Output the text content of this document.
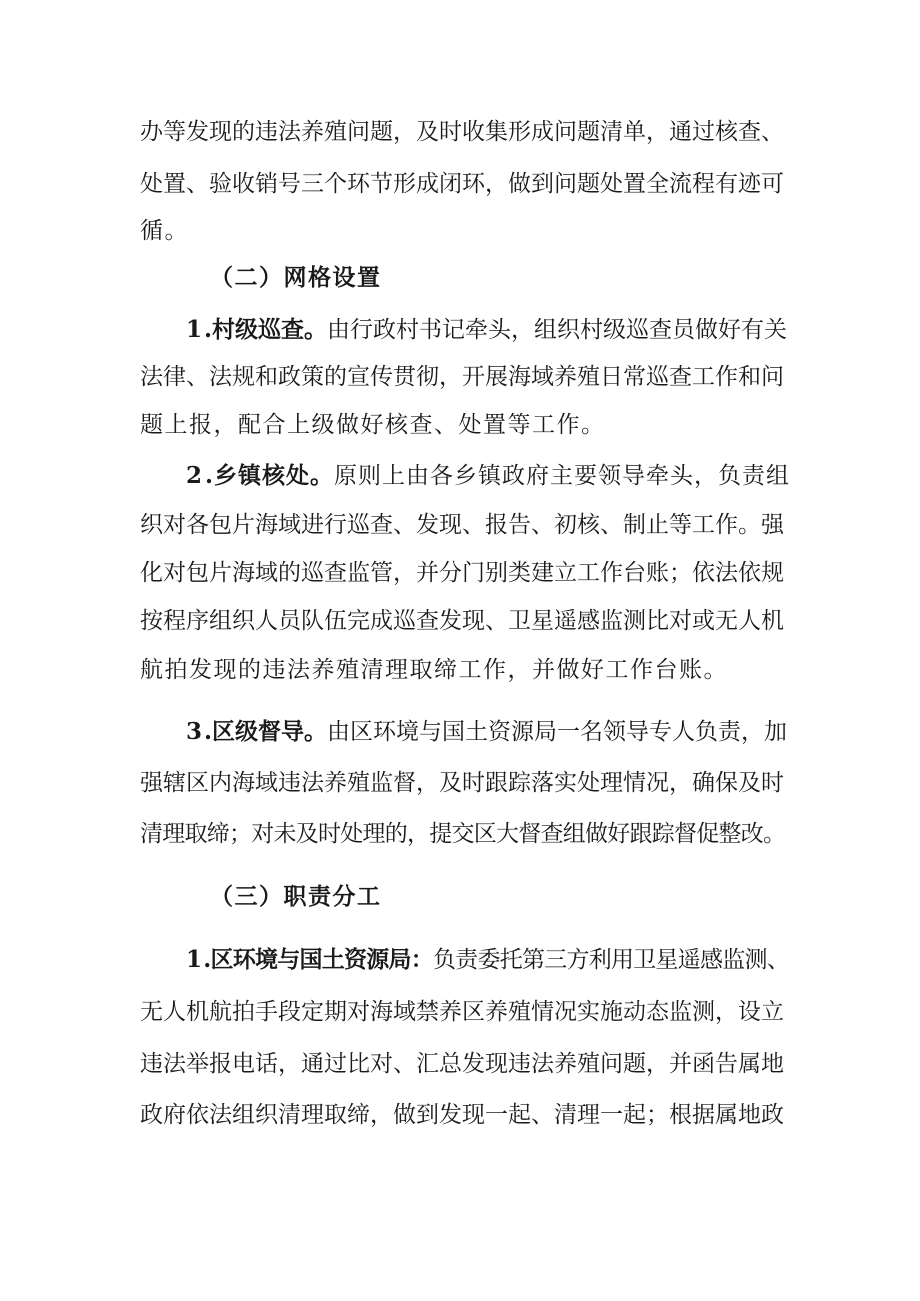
办等发现的违法养殖问题，及时收集形成问题清单，通过核查、
处置、验收销号三个环节形成闭环，做到问题处置全流程有迹可
循。
（二）网格设置
1.村级巡查。由行政村书记牵头，组织村级巡查员做好有关
法律、法规和政策的宣传贯彻，开展海域养殖日常巡查工作和问
题上报，配合上级做好核查、处置等工作。
2.乡镇核处。原则上由各乡镇政府主要领导牵头，负责组
织对各包片海域进行巡查、发现、报告、初核、制止等工作。强
化对包片海域的巡查监管，并分门别类建立工作台账；依法依规
按程序组织人员队伍完成巡查发现、卫星遥感监测比对或无人机
航拍发现的违法养殖清理取缔工作，并做好工作台账。
3.区级督导。由区环境与国土资源局一名领导专人负责，加
强辖区内海域违法养殖监督，及时跟踪落实处理情况，确保及时
清理取缔；对未及时处理的，提交区大督查组做好跟踪督促整改。
（三）职责分工
1.区环境与国土资源局：负责委托第三方利用卫星遥感监测、
无人机航拍手段定期对海域禁养区养殖情况实施动态监测，设立
违法举报电话，通过比对、汇总发现违法养殖问题，并函告属地
政府依法组织清理取缔，做到发现一起、清理一起；根据属地政
